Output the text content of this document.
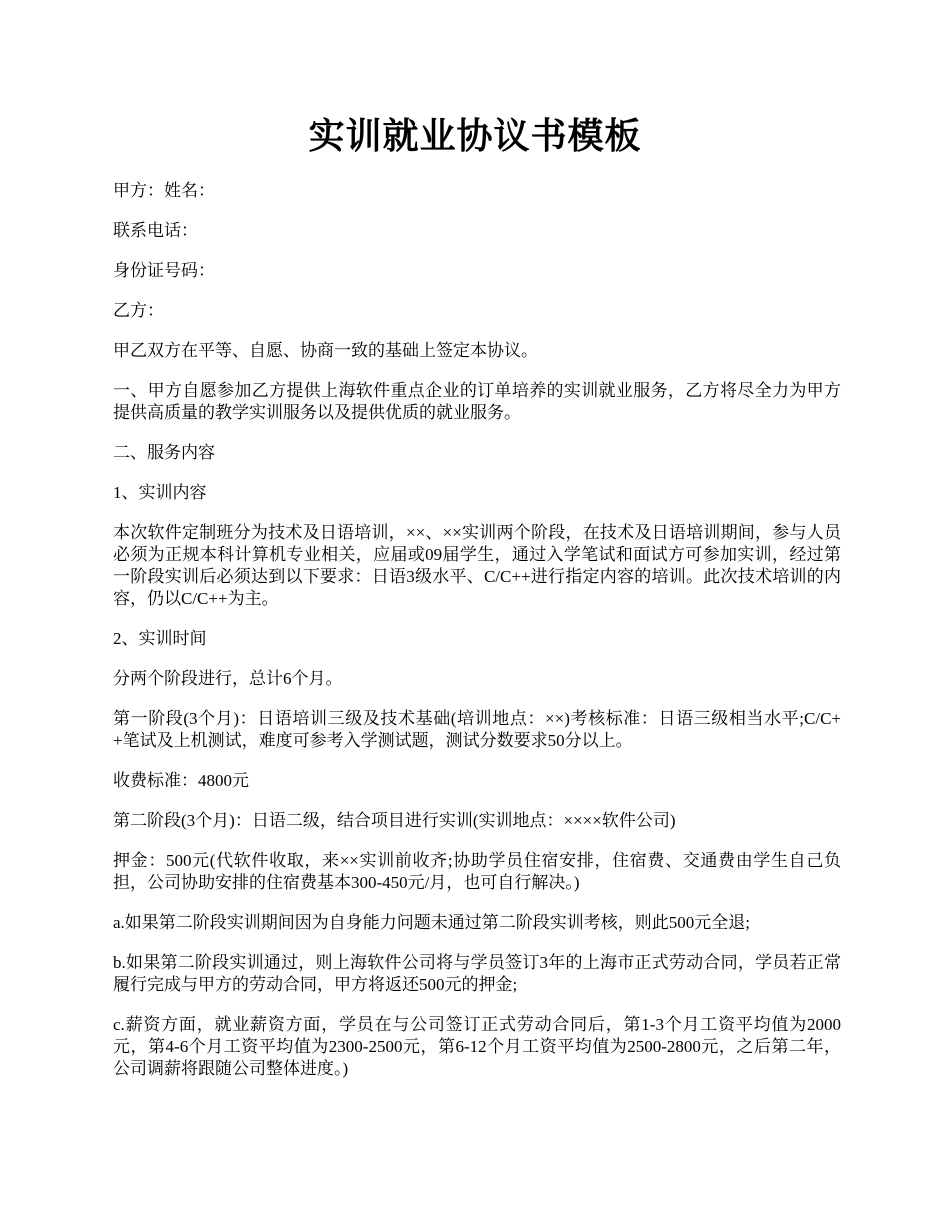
实训就业协议书模板

甲方：姓名：

联系电话：

身份证号码：

乙方：

甲乙双方在平等、自愿、协商一致的基础上签定本协议。

一、甲方自愿参加乙方提供上海软件重点企业的订单培养的实训就业服务，乙方将尽全力为甲方提供高质量的教学实训服务以及提供优质的就业服务。

二、服务内容

1、实训内容

本次软件定制班分为技术及日语培训，××、××实训两个阶段，在技术及日语培训期间，参与人员必须为正规本科计算机专业相关，应届或09届学生，通过入学笔试和面试方可参加实训，经过第一阶段实训后必须达到以下要求：日语3级水平、C/C++进行指定内容的培训。此次技术培训的内容，仍以C/C++为主。

2、实训时间

分两个阶段进行，总计6个月。

第一阶段(3个月)：日语培训三级及技术基础(培训地点：××)考核标准：日语三级相当水平;C/C++笔试及上机测试，难度可参考入学测试题，测试分数要求50分以上。

收费标准：4800元

第二阶段(3个月)：日语二级，结合项目进行实训(实训地点：××××软件公司)

押金：500元(代软件收取，来××实训前收齐;协助学员住宿安排，住宿费、交通费由学生自己负担，公司协助安排的住宿费基本300-450元/月，也可自行解决。)

a.如果第二阶段实训期间因为自身能力问题未通过第二阶段实训考核，则此500元全退;

b.如果第二阶段实训通过，则上海软件公司将与学员签订3年的上海市正式劳动合同，学员若正常履行完成与甲方的劳动合同，甲方将返还500元的押金;

c.薪资方面，就业薪资方面，学员在与公司签订正式劳动合同后，第1-3个月工资平均值为2000元，第4-6个月工资平均值为2300-2500元，第6-12个月工资平均值为2500-2800元，之后第二年，公司调薪将跟随公司整体进度。)
